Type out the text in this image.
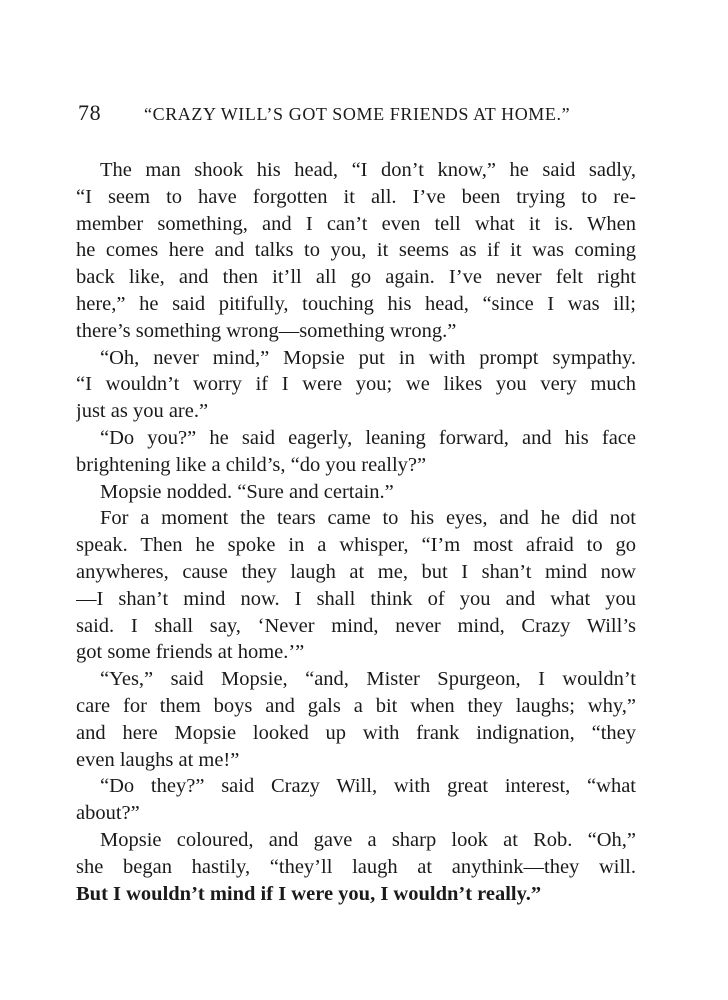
78 “CRAZY WILL’S GOT SOME FRIENDS AT HOME.”
The man shook his head, “I don’t know,” he said sadly,
“I seem to have forgotten it all. I’ve been trying to re-
member something, and I can’t even tell what it is. When
he comes here and talks to you, it seems as if it was coming
back like, and then it’ll all go again. I’ve never felt right
here,” he said pitifully, touching his head, “since I was ill;
there’s something wrong—something wrong.”
“Oh, never mind,” Mopsie put in with prompt sympathy.
“I wouldn’t worry if I were you; we likes you very much
just as you are.”
“Do you?” he said eagerly, leaning forward, and his face
brightening like a child’s, “do you really?”
Mopsie nodded. “Sure and certain.”
For a moment the tears came to his eyes, and he did not
speak. Then he spoke in a whisper, “I’m most afraid to go
anywheres, cause they laugh at me, but I shan’t mind now
—I shan’t mind now. I shall think of you and what you
said. I shall say, ‘Never mind, never mind, Crazy Will’s
got some friends at home.’”
“Yes,” said Mopsie, “and, Mister Spurgeon, I wouldn’t
care for them boys and gals a bit when they laughs; why,”
and here Mopsie looked up with frank indignation, “they
even laughs at me!”
“Do they?” said Crazy Will, with great interest, “what
about?”
Mopsie coloured, and gave a sharp look at Rob. “Oh,”
she began hastily, “they’ll laugh at anythink—they will.
But I wouldn’t mind if I were you, I wouldn’t really.”
